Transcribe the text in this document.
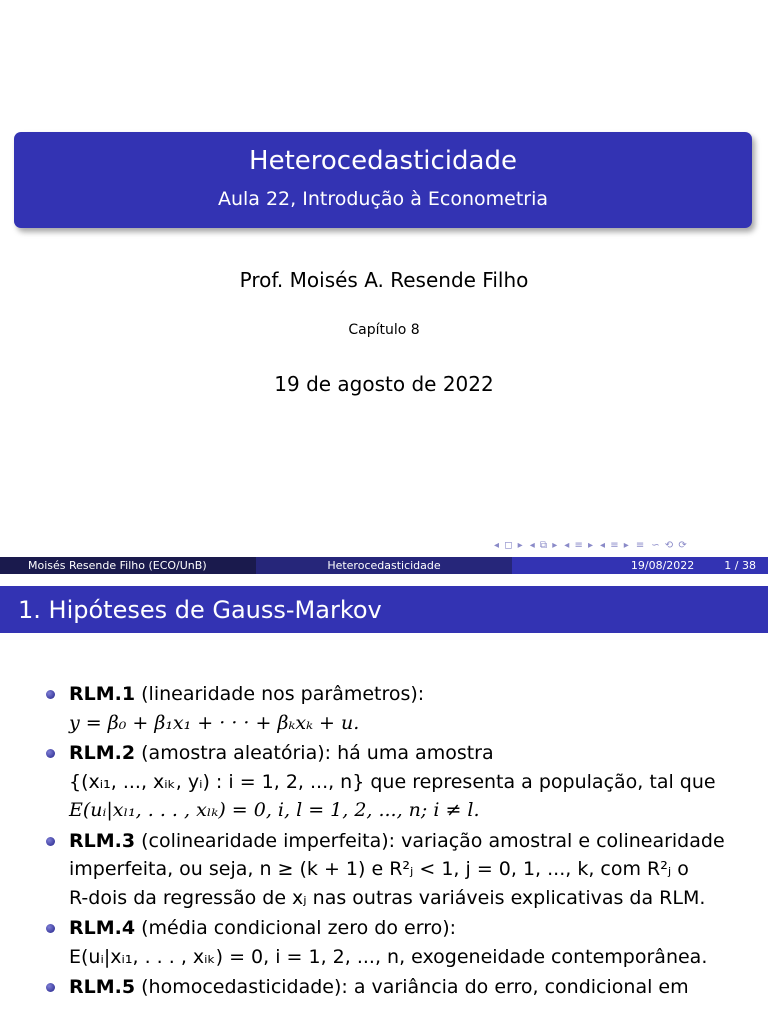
Heterocedasticidade
Aula 22, Introdução à Econometria
Prof. Moisés A. Resende Filho
Capítulo 8
19 de agosto de 2022
◂ ◻ ▸ ◂ ⧉ ▸ ◂ ≡ ▸ ◂ ≡ ▸ ≡ ∽ ⟲ ⟳
Moisés Resende Filho (ECO/UnB)	Heterocedasticidade	19/08/2022	1 / 38
1. Hipóteses de Gauss-Markov
RLM.1 (linearidade nos parâmetros):
y = β₀ + β₁x₁ + · · · + βₖxₖ + u.
RLM.2 (amostra aleatória): há uma amostra
{(xᵢ₁, ..., xᵢₖ, yᵢ) : i = 1, 2, ..., n} que representa a população, tal que
E(uᵢ|xₗ₁, . . . , xₗₖ) = 0, i, l = 1, 2, ..., n; i ≠ l.
RLM.3 (colinearidade imperfeita): variação amostral e colinearidade
imperfeita, ou seja, n ≥ (k + 1) e R²ⱼ < 1, j = 0, 1, ..., k, com R²ⱼ o
R-dois da regressão de xⱼ nas outras variáveis explicativas da RLM.
RLM.4 (média condicional zero do erro):
E(uᵢ|xᵢ₁, . . . , xᵢₖ) = 0, i = 1, 2, ..., n, exogeneidade contemporânea.
RLM.5 (homocedasticidade): a variância do erro, condicional em
